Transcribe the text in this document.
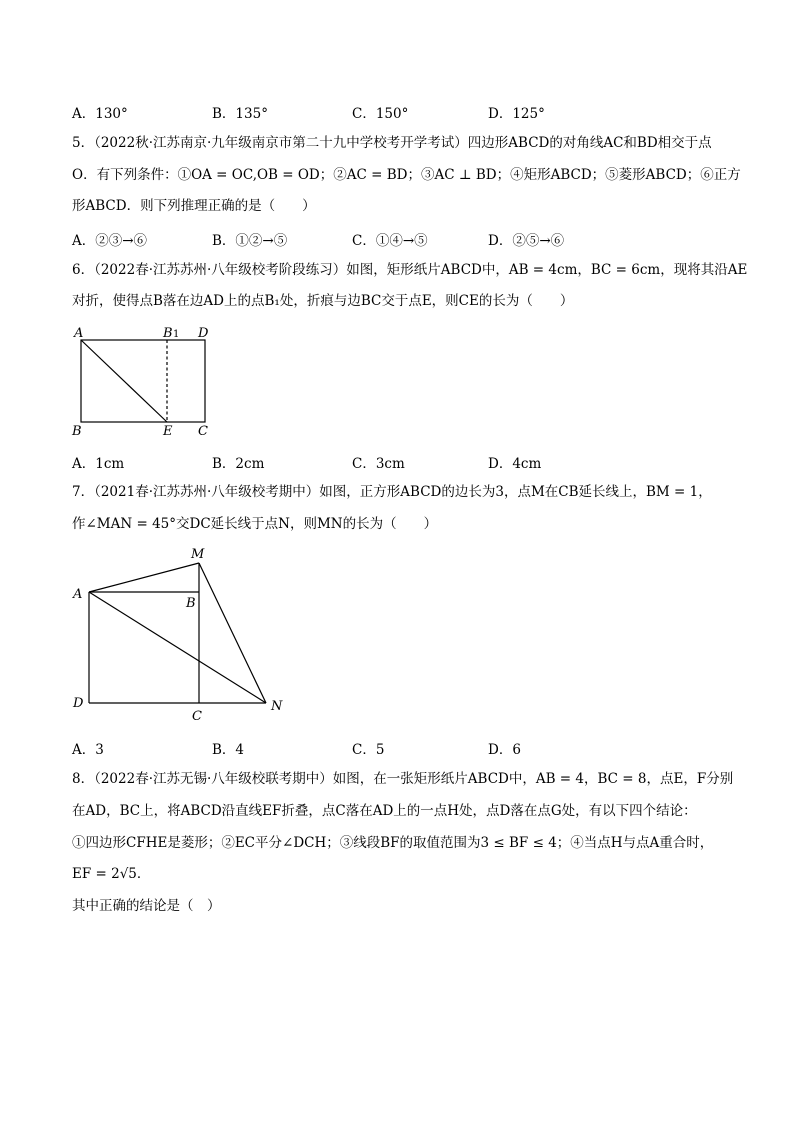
A．130°	B．135°	C．150°	D．125°
5．（2022秋·江苏南京·九年级南京市第二十九中学校考开学考试）四边形ABCD的对角线AC和BD相交于点
O．有下列条件：①OA = OC,OB = OD；②AC = BD；③AC ⊥ BD；④矩形ABCD；⑤菱形ABCD；⑥正方
形ABCD．则下列推理正确的是（　　）
A．②③→⑥	B．①②→⑤	C．①④→⑤	D．②⑤→⑥
6．（2022春·江苏苏州·八年级校考阶段练习）如图，矩形纸片ABCD中，AB = 4cm，BC = 6cm，现将其沿AE
对折，使得点B落在边AD上的点B₁处，折痕与边BC交于点E，则CE的长为（　　）
A	B 1 D
B	E C
A．1cm	B．2cm	C．3cm	D．4cm
7．（2021春·江苏苏州·八年级校考期中）如图，正方形ABCD的边长为3，点M在CB延长线上，BM = 1，
作∠MAN = 45°交DC延长线于点N，则MN的长为（　　）
M
A
B
D
C
N
A．3	B．4	C．5	D．6
8．（2022春·江苏无锡·八年级校联考期中）如图，在一张矩形纸片ABCD中，AB = 4，BC = 8，点E，F分别
在AD，BC上，将ABCD沿直线EF折叠，点C落在AD上的一点H处，点D落在点G处，有以下四个结论：
①四边形CFHE是菱形；②EC平分∠DCH；③线段BF的取值范围为3 ≤ BF ≤ 4；④当点H与点A重合时，
EF = 2√5．
其中正确的结论是（　）
